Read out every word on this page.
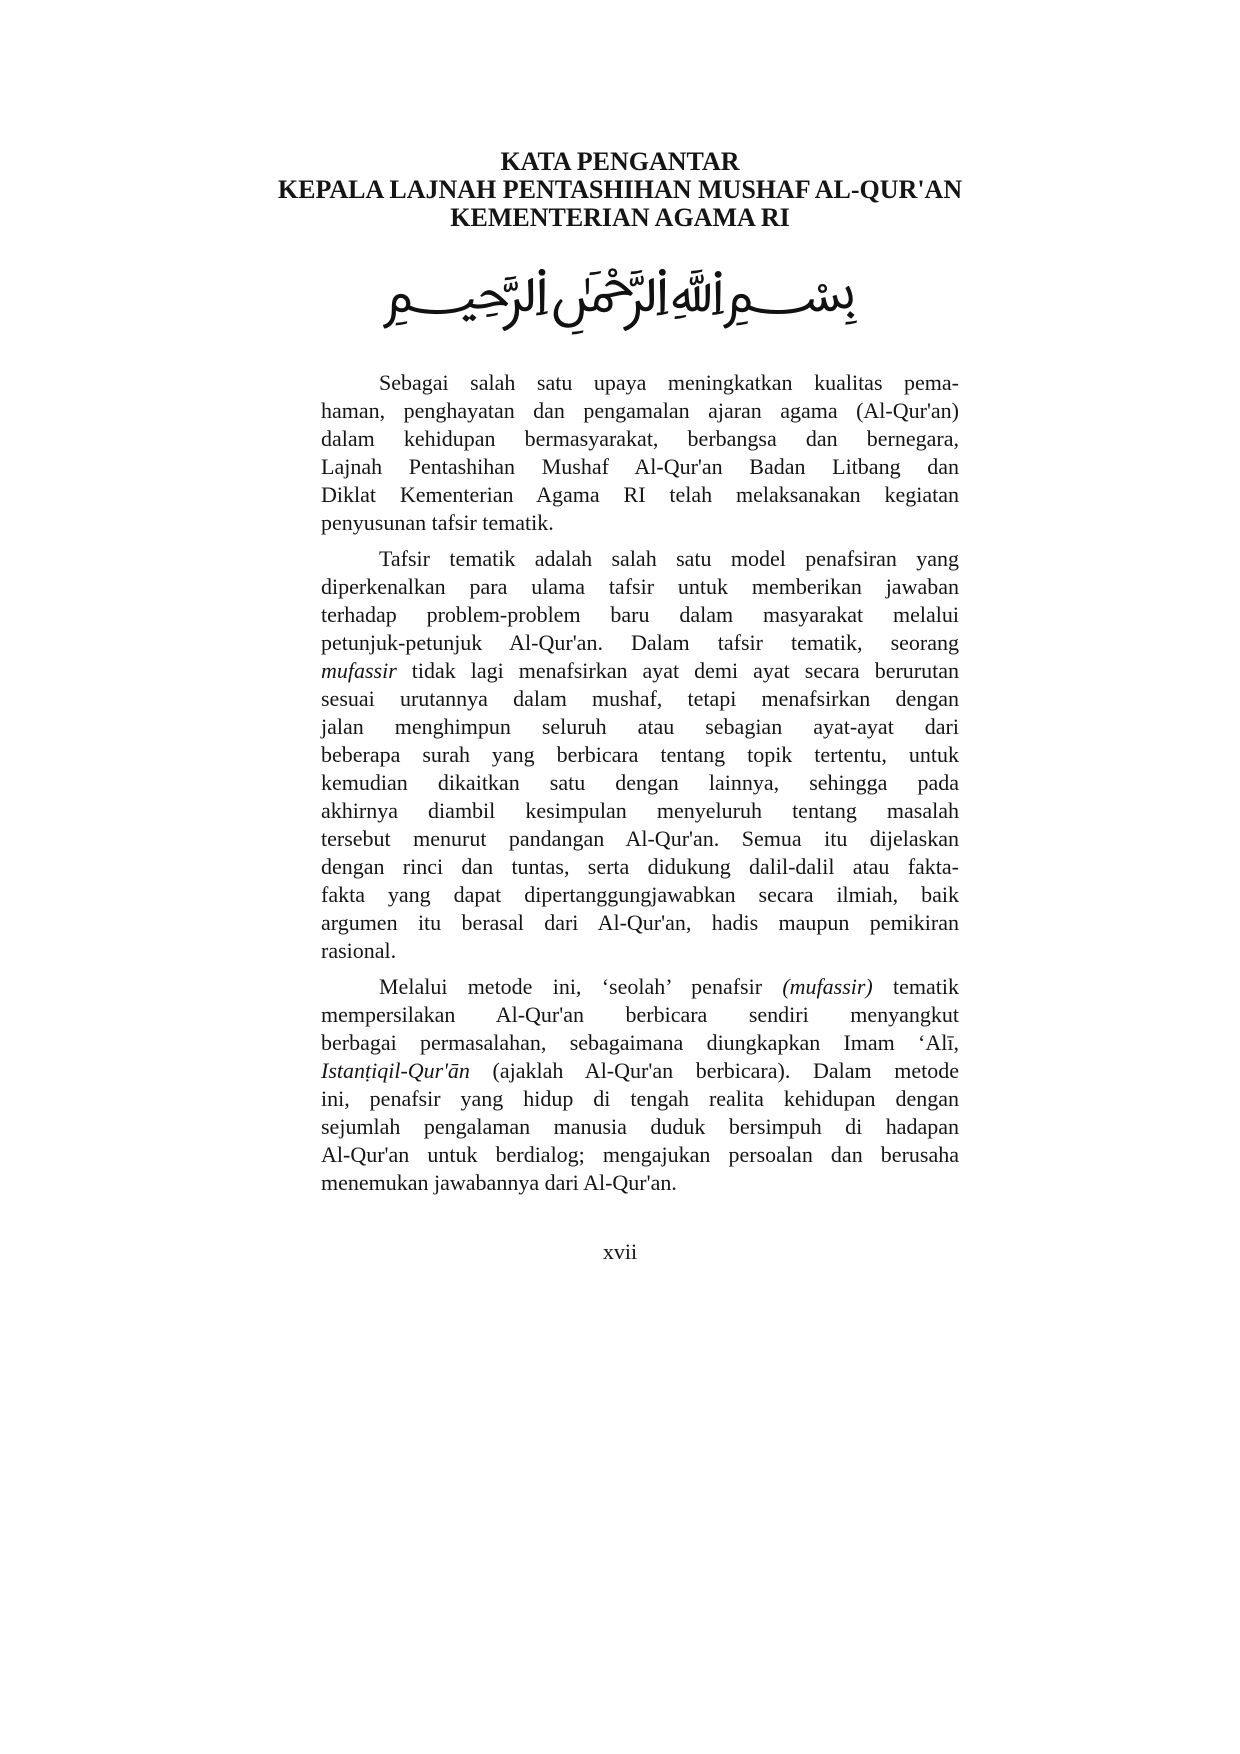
KATA PENGANTAR
KEPALA LAJNAH PENTASHIHAN MUSHAF AL-QUR'AN
KEMENTERIAN AGAMA RI
﷽
Sebagai salah satu upaya meningkatkan kualitas pema-
haman, penghayatan dan pengamalan ajaran agama (Al-Qur'an)
dalam kehidupan bermasyarakat, berbangsa dan bernegara,
Lajnah Pentashihan Mushaf Al-Qur'an Badan Litbang dan
Diklat Kementerian Agama RI telah melaksanakan kegiatan
penyusunan tafsir tematik.
Tafsir tematik adalah salah satu model penafsiran yang
diperkenalkan para ulama tafsir untuk memberikan jawaban
terhadap problem-problem baru dalam masyarakat melalui
petunjuk-petunjuk Al-Qur'an. Dalam tafsir tematik, seorang
mufassir tidak lagi menafsirkan ayat demi ayat secara berurutan
sesuai urutannya dalam mushaf, tetapi menafsirkan dengan
jalan menghimpun seluruh atau sebagian ayat-ayat dari
beberapa surah yang berbicara tentang topik tertentu, untuk
kemudian dikaitkan satu dengan lainnya, sehingga pada
akhirnya diambil kesimpulan menyeluruh tentang masalah
tersebut menurut pandangan Al-Qur'an. Semua itu dijelaskan
dengan rinci dan tuntas, serta didukung dalil-dalil atau fakta-
fakta yang dapat dipertanggungjawabkan secara ilmiah, baik
argumen itu berasal dari Al-Qur'an, hadis maupun pemikiran
rasional.
Melalui metode ini, ‘seolah’ penafsir (mufassir) tematik
mempersilakan Al-Qur'an berbicara sendiri menyangkut
berbagai permasalahan, sebagaimana diungkapkan Imam ‘Alī,
Istanṭiqil-Qur'ān (ajaklah Al-Qur'an berbicara). Dalam metode
ini, penafsir yang hidup di tengah realita kehidupan dengan
sejumlah pengalaman manusia duduk bersimpuh di hadapan
Al-Qur'an untuk berdialog; mengajukan persoalan dan berusaha
menemukan jawabannya dari Al-Qur'an.
xvii
